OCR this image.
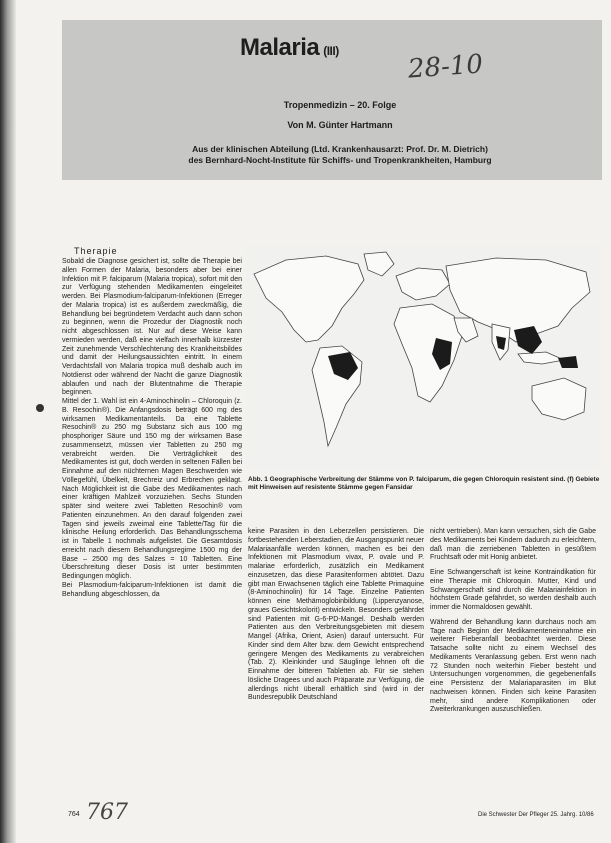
Malaria (III)	28-10
Tropenmedizin – 20. Folge
Von M. Günter Hartmann
Aus der klinischen Abteilung (Ltd. Krankenhausarzt: Prof. Dr. M. Dietrich)
des Bernhard-Nocht-Institute für Schiffs- und Tropenkrankheiten, Hamburg
Therapie

Sobald die Diagnose gesichert ist, sollte die Therapie bei allen Formen der Malaria, besonders aber bei einer Infektion mit P. falciparum (Malaria tropica), sofort mit den zur Verfügung stehenden Medikamenten eingeleitet werden. Bei Plasmodium-falciparum-Infektionen (Erreger der Malaria tropica) ist es außerdem zweckmäßig, die Behandlung bei begründetem Verdacht auch dann schon zu beginnen, wenn die Prozedur der Diagnostik noch nicht abgeschlossen ist. Nur auf diese Weise kann vermieden werden, daß eine vielfach innerhalb kürzester Zeit zunehmende Verschlechterung des Krankheitsbildes und damit der Heilungsaussichten eintritt. In einem Verdachtsfall von Malaria tropica muß deshalb auch im Notdienst oder während der Nacht die ganze Diagnostik ablaufen und nach der Blutentnahme die Therapie beginnen.

Mittel der 1. Wahl ist ein 4-Aminochinolin – Chloroquin (z. B. Resochin®). Die Anfangsdosis beträgt 600 mg des wirksamen Medikamentanteils. Da eine Tablette Resochin® zu 250 mg Substanz sich aus 100 mg phosphoriger Säure und 150 mg der wirksamen Base zusammensetzt, müssen vier Tabletten zu 250 mg verabreicht werden. Die Verträglichkeit des Medikamentes ist gut, doch werden in seltenen Fällen bei Einnahme auf den nüchternen Magen Beschwerden wie Völlegefühl, Übelkeit, Brechreiz und Erbrechen geklagt. Nach Möglichkeit ist die Gabe des Medikamentes nach einer kräftigen Mahlzeit vorzuziehen. Sechs Stunden später sind weitere zwei Tabletten Resochin® vom Patienten einzunehmen. An den darauf folgenden zwei Tagen sind jeweils zweimal eine Tablette/Tag für die klinische Heilung erforderlich. Das Behandlungsschema ist in Tabelle 1 nochmals aufgelistet. Die Gesamtdosis erreicht nach diesem Behandlungsregime 1500 mg der Base – 2500 mg des Salzes = 10 Tabletten. Eine Überschreitung dieser Dosis ist unter bestimmten Bedingungen möglich.

Bei Plasmodium-falciparum-Infektionen ist damit die Behandlung abgeschlossen, da

Abb. 1 Geographische Verbreitung der Stämme von P. falciparum, die gegen Chloroquin resistent sind. (f) Gebiete mit Hinweisen auf resistente Stämme gegen Fansidar

keine Parasiten in den Leberzellen persistieren. Die fortbestehenden Leberstadien, die Ausgangspunkt neuer Malariaanfälle werden können, machen es bei den Infektionen mit Plasmodium vivax, P. ovale und P. malariae erforderlich, zusätzlich ein Medikament einzusetzen, das diese Parasitenformen abtötet. Dazu gibt man Erwachsenen täglich eine Tablette Primaquine (8-Aminochinolin) für 14 Tage. Einzelne Patienten können eine Methämoglobinbildung (Lippenzyanose, graues Gesichtskolorit) entwickeln. Besonders gefährdet sind Patienten mit G-6-PD-Mangel. Deshalb werden Patienten aus den Verbreitungsgebieten mit diesem Mangel (Afrika, Orient, Asien) darauf untersucht. Für Kinder sind dem Alter bzw. dem Gewicht entsprechend geringere Mengen des Medikaments zu verabreichen (Tab. 2). Kleinkinder und Säuglinge lehnen oft die Einnahme der bitteren Tabletten ab. Für sie stehen lösliche Dragees und auch Präparate zur Verfügung, die allerdings nicht überall erhältlich sind (wird in der Bundesrepublik Deutschland

nicht vertrieben). Man kann versuchen, sich die Gabe des Medikaments bei Kindern dadurch zu erleichtern, daß man die zerriebenen Tabletten in gesüßtem Fruchtsaft oder mit Honig anbietet.

Eine Schwangerschaft ist keine Kontraindikation für eine Therapie mit Chloroquin. Mutter, Kind und Schwangerschaft sind durch die Malariainfektion in höchstem Grade gefährdet, so werden deshalb auch immer die Normaldosen gewählt.

Während der Behandlung kann durchaus noch am Tage nach Beginn der Medikamenteneinnahme ein weiterer Fieberanfall beobachtet werden. Diese Tatsache sollte nicht zu einem Wechsel des Medikaments Veranlassung geben. Erst wenn nach 72 Stunden noch weiterhin Fieber besteht und Untersuchungen vorgenommen, die gegebenenfalls eine Persistenz der Malariaparasiten im Blut nachweisen können. Finden sich keine Parasiten mehr, sind andere Komplikationen oder Zweiterkrankungen auszuschließen.

764 767	Die Schwester Der Pfleger 25. Jahrg. 10/86
